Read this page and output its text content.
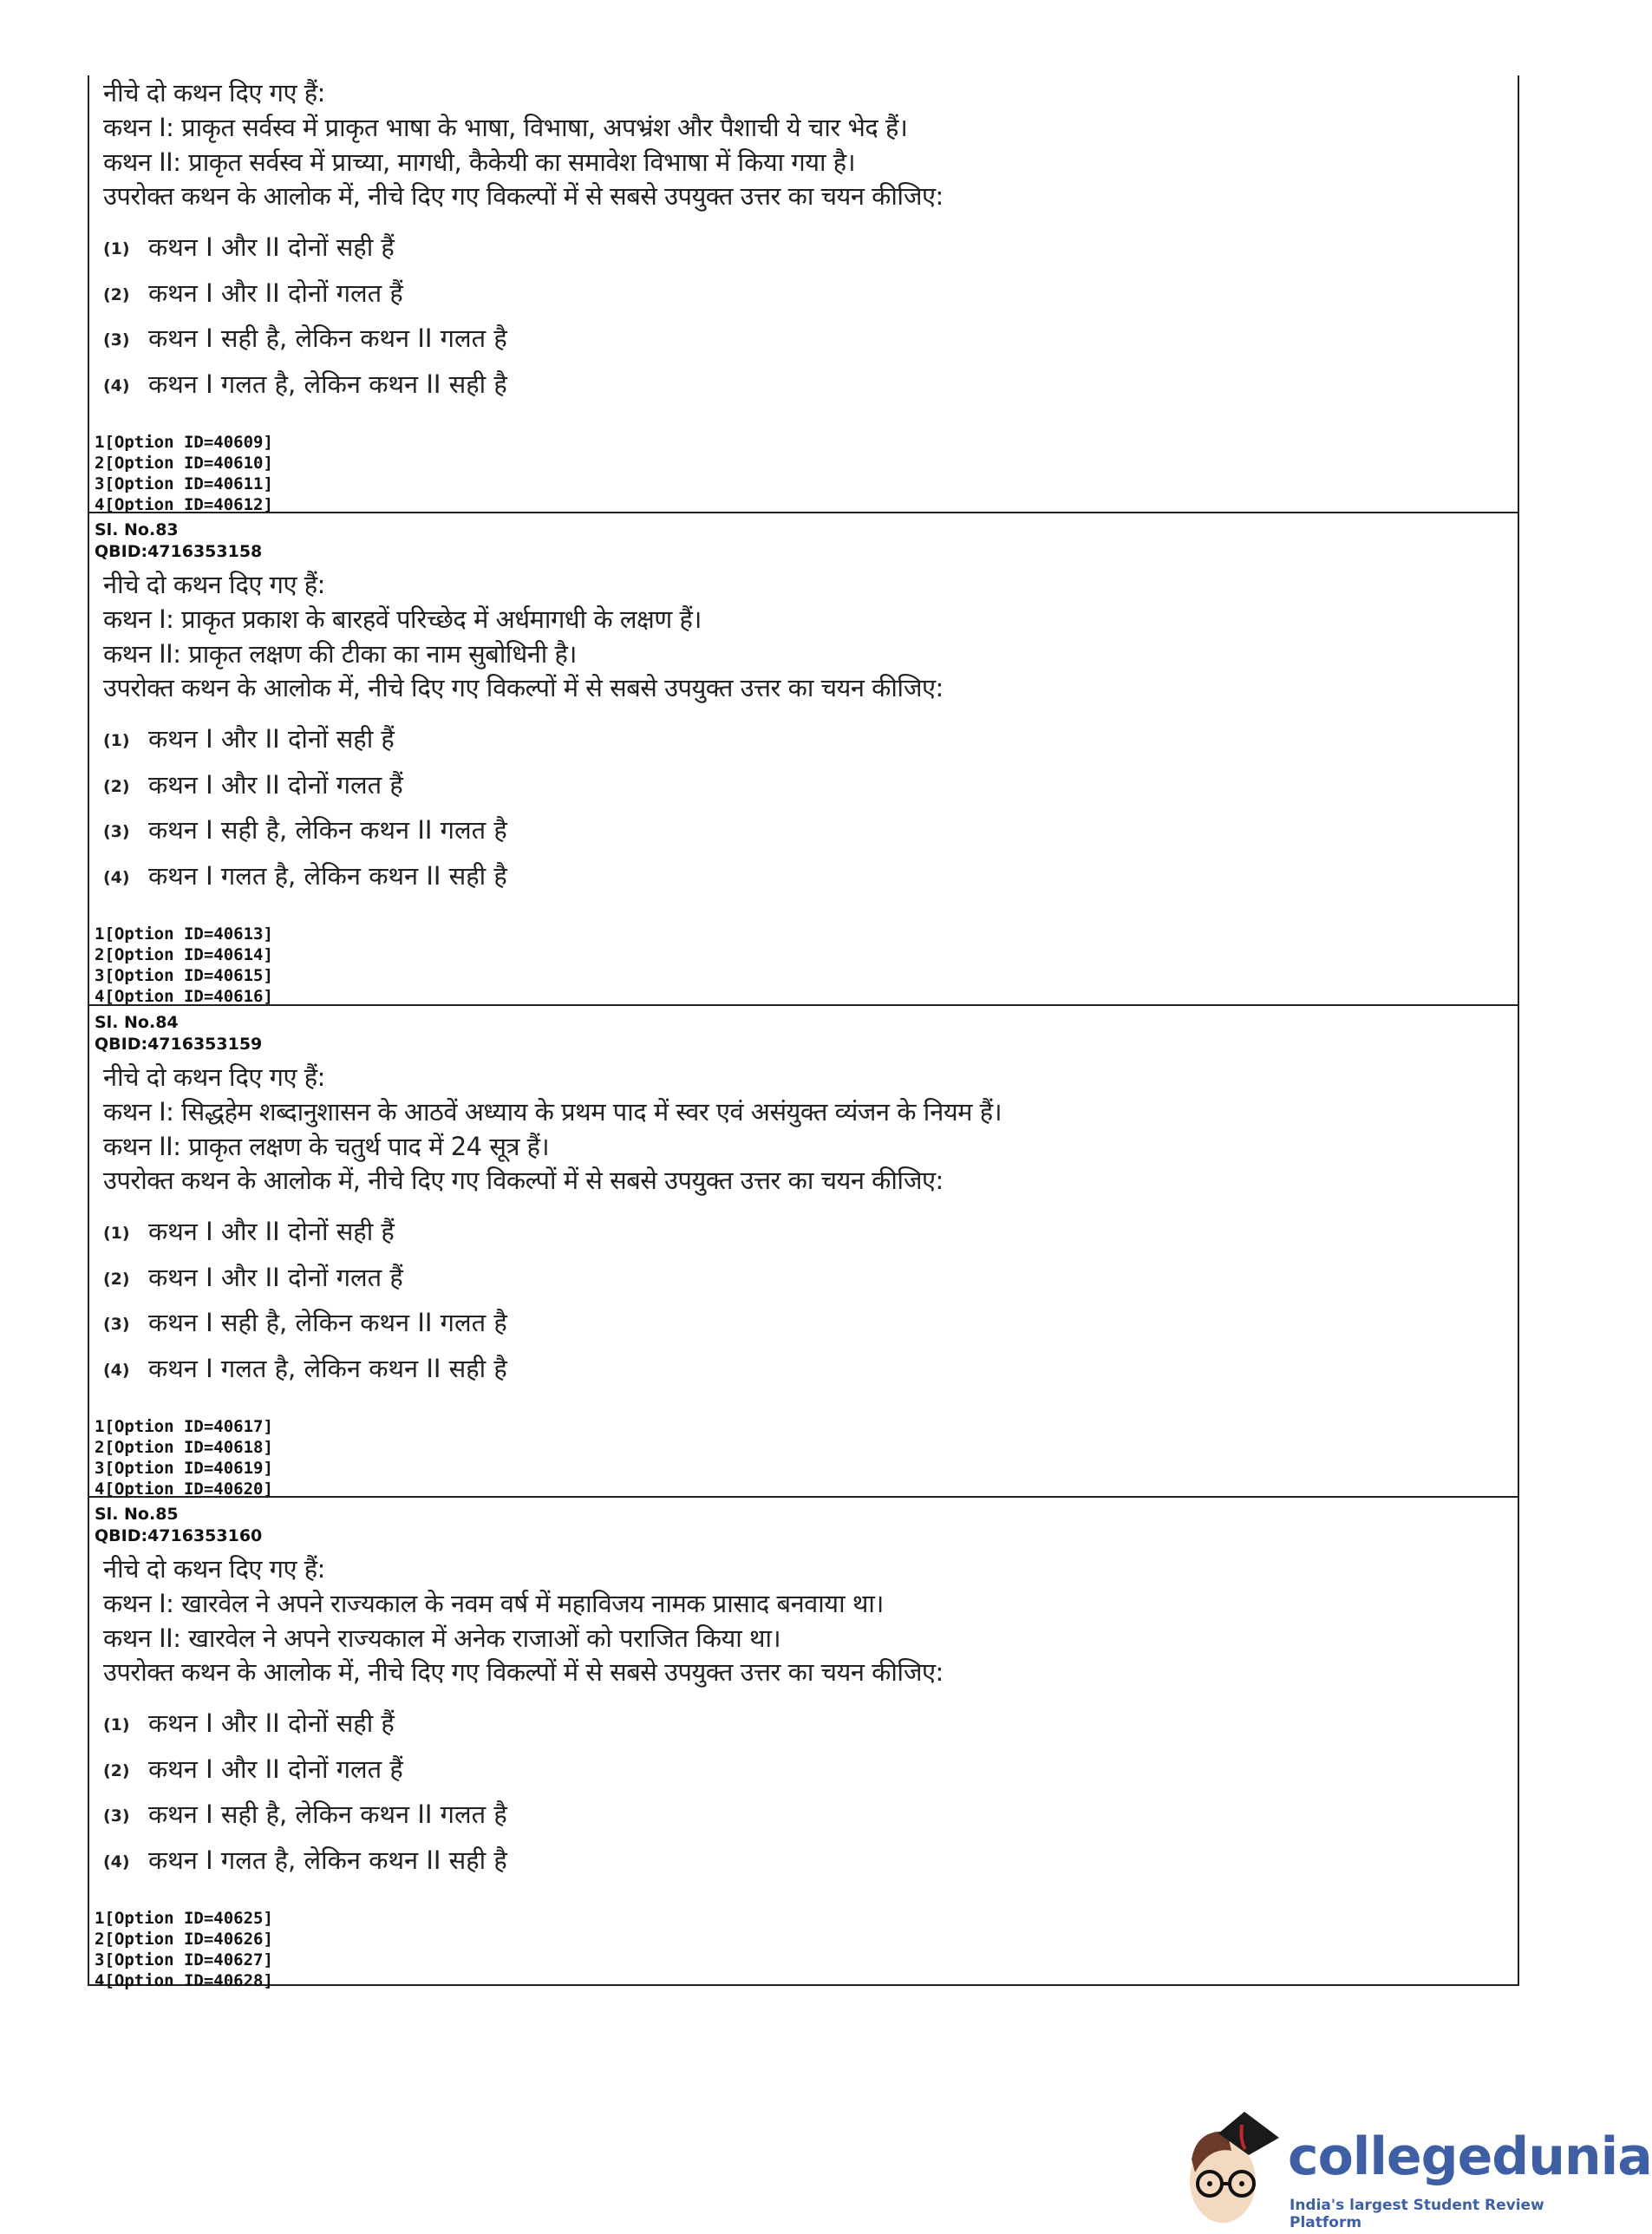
नीचे दो कथन दिए गए हैं:
कथन I: प्राकृत सर्वस्व में प्राकृत भाषा के भाषा, विभाषा, अपभ्रंश और पैशाची ये चार भेद हैं।
कथन II: प्राकृत सर्वस्व में प्राच्या, मागधी, कैकेयी का समावेश विभाषा में किया गया है।
उपरोक्त कथन के आलोक में, नीचे दिए गए विकल्पों में से सबसे उपयुक्त उत्तर का चयन कीजिए:
(1) कथन I और II दोनों सही हैं
1[Option ID=40609]
(2) कथन I और II दोनों गलत हैं
2[Option ID=40610]
(3) कथन I सही है, लेकिन कथन II गलत है
3[Option ID=40611]
(4) कथन I गलत है, लेकिन कथन II सही है
4[Option ID=40612]
Sl. No.83
QBID:4716353158
नीचे दो कथन दिए गए हैं:
कथन I: प्राकृत प्रकाश के बारहवें परिच्छेद में अर्धमागधी के लक्षण हैं।
कथन II: प्राकृत लक्षण की टीका का नाम सुबोधिनी है।
उपरोक्त कथन के आलोक में, नीचे दिए गए विकल्पों में से सबसे उपयुक्त उत्तर का चयन कीजिए:
(1) कथन I और II दोनों सही हैं
1[Option ID=40613]
(2) कथन I और II दोनों गलत हैं
2[Option ID=40614]
(3) कथन I सही है, लेकिन कथन II गलत है
3[Option ID=40615]
(4) कथन I गलत है, लेकिन कथन II सही है
4[Option ID=40616]
Sl. No.84
QBID:4716353159
नीचे दो कथन दिए गए हैं:
कथन I: सिद्धहेम शब्दानुशासन के आठवें अध्याय के प्रथम पाद में स्वर एवं असंयुक्त व्यंजन के नियम हैं।
कथन II: प्राकृत लक्षण के चतुर्थ पाद में 24 सूत्र हैं।
उपरोक्त कथन के आलोक में, नीचे दिए गए विकल्पों में से सबसे उपयुक्त उत्तर का चयन कीजिए:
(1) कथन I और II दोनों सही हैं
1[Option ID=40617]
(2) कथन I और II दोनों गलत हैं
2[Option ID=40618]
(3) कथन I सही है, लेकिन कथन II गलत है
3[Option ID=40619]
(4) कथन I गलत है, लेकिन कथन II सही है
4[Option ID=40620]
Sl. No.85
QBID:4716353160
नीचे दो कथन दिए गए हैं:
कथन I: खारवेल ने अपने राज्यकाल के नवम वर्ष में महाविजय नामक प्रासाद बनवाया था।
कथन II: खारवेल ने अपने राज्यकाल में अनेक राजाओं को पराजित किया था।
उपरोक्त कथन के आलोक में, नीचे दिए गए विकल्पों में से सबसे उपयुक्त उत्तर का चयन कीजिए:
(1) कथन I और II दोनों सही हैं
1[Option ID=40625]
(2) कथन I और II दोनों गलत हैं
2[Option ID=40626]
(3) कथन I सही है, लेकिन कथन II गलत है
3[Option ID=40627]
(4) कथन I गलत है, लेकिन कथन II सही है
4[Option ID=40628]
collegedunia
India's largest Student Review Platform
